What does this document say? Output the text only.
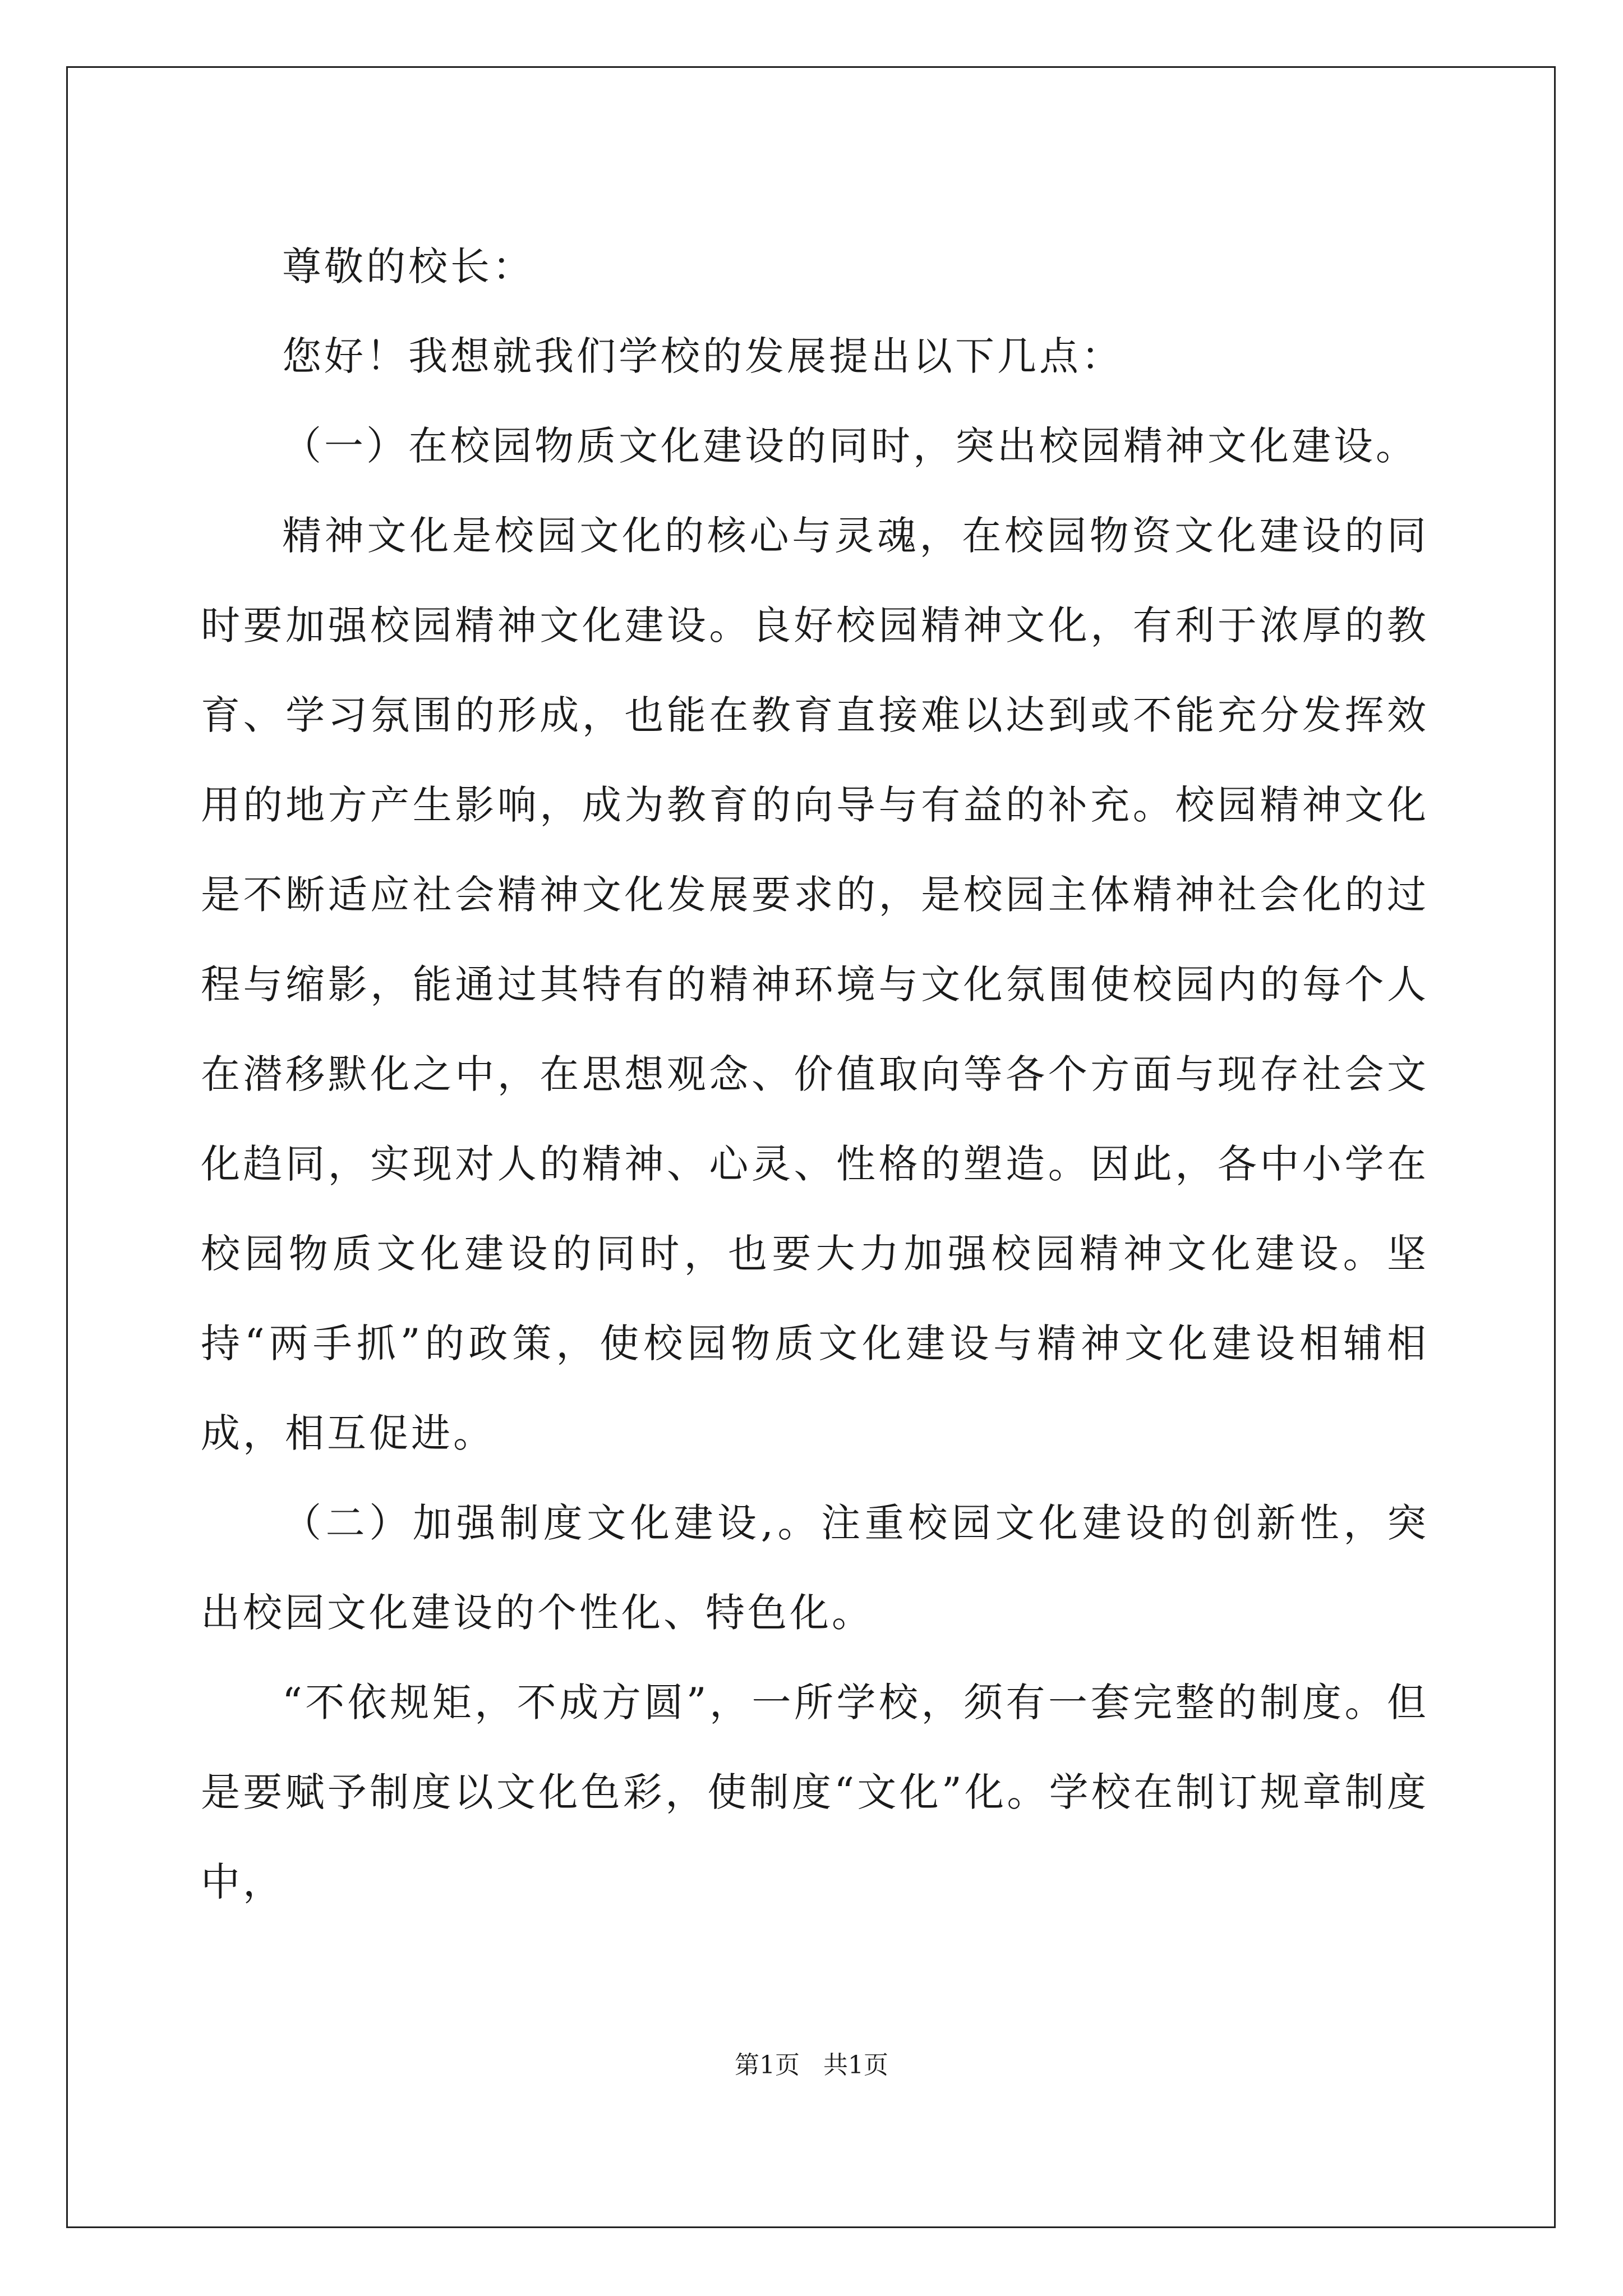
尊敬的校长：

您好！我想就我们学校的发展提出以下几点：

（一）在校园物质文化建设的同时，突出校园精神文化建设。

精神文化是校园文化的核心与灵魂，在校园物资文化建设的同时要加强校园精神文化建设。良好校园精神文化，有利于浓厚的教育、学习氛围的形成，也能在教育直接难以达到或不能充分发挥效用的地方产生影响，成为教育的向导与有益的补充。校园精神文化是不断适应社会精神文化发展要求的，是校园主体精神社会化的过程与缩影，能通过其特有的精神环境与文化氛围使校园内的每个人在潜移默化之中，在思想观念、价值取向等各个方面与现存社会文化趋同，实现对人的精神、心灵、性格的塑造。因此，各中小学在校园物质文化建设的同时，也要大力加强校园精神文化建设。坚持“两手抓”的政策，使校园物质文化建设与精神文化建设相辅相成，相互促进。

（二）加强制度文化建设,。注重校园文化建设的创新性，突出校园文化建设的个性化、特色化。

“不依规矩，不成方圆”，一所学校，须有一套完整的制度。但是要赋予制度以文化色彩，使制度“文化”化。学校在制订规章制度中，

第1页 共1页
